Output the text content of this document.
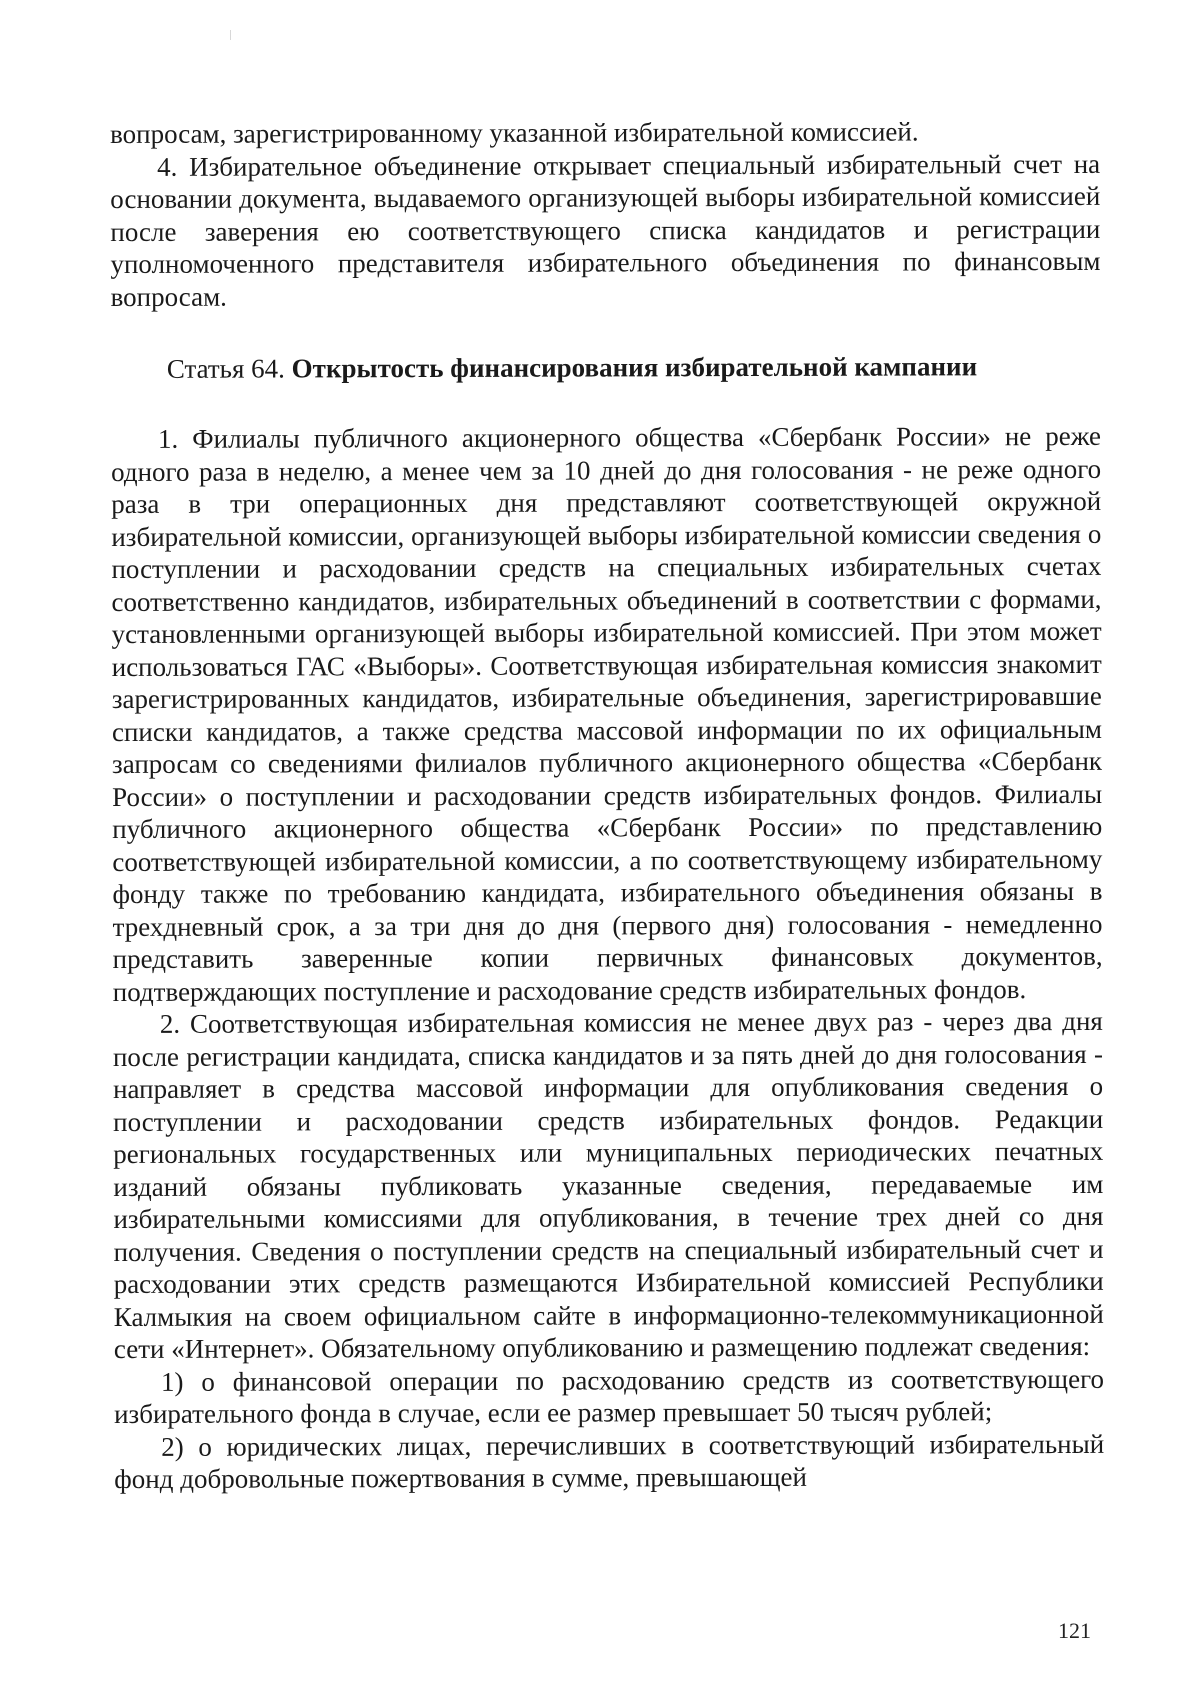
вопросам, зарегистрированному указанной избирательной комиссией.

4. Избирательное объединение открывает специальный избирательный счет на основании документа, выдаваемого организующей выборы избирательной комиссией после заверения ею соответствующего списка кандидатов и регистрации уполномоченного представителя избирательного объединения по финансовым вопросам.

Статья 64. Открытость финансирования избирательной кампании

1. Филиалы публичного акционерного общества «Сбербанк России» не реже одного раза в неделю, а менее чем за 10 дней до дня голосования - не реже одного раза в три операционных дня представляют соответствующей окружной избирательной комиссии, организующей выборы избирательной комиссии сведения о поступлении и расходовании средств на специальных избирательных счетах соответственно кандидатов, избирательных объединений в соответствии с формами, установленными организующей выборы избирательной комиссией. При этом может использоваться ГАС «Выборы». Соответствующая избирательная комиссия знакомит зарегистрированных кандидатов, избирательные объединения, зарегистрировавшие списки кандидатов, а также средства массовой информации по их официальным запросам со сведениями филиалов публичного акционерного общества «Сбербанк России» о поступлении и расходовании средств избирательных фондов. Филиалы публичного акционерного общества «Сбербанк России» по представлению соответствующей избирательной комиссии, а по соответствующему избирательному фонду также по требованию кандидата, избирательного объединения обязаны в трехдневный срок, а за три дня до дня (первого дня) голосования - немедленно представить заверенные копии первичных финансовых документов, подтверждающих поступление и расходование средств избирательных фондов.

2. Соответствующая избирательная комиссия не менее двух раз - через два дня после регистрации кандидата, списка кандидатов и за пять дней до дня голосования - направляет в средства массовой информации для опубликования сведения о поступлении и расходовании средств избирательных фондов. Редакции региональных государственных или муниципальных периодических печатных изданий обязаны публиковать указанные сведения, передаваемые им избирательными комиссиями для опубликования, в течение трех дней со дня получения. Сведения о поступлении средств на специальный избирательный счет и расходовании этих средств размещаются Избирательной комиссией Республики Калмыкия на своем официальном сайте в информационно-телекоммуникационной сети «Интернет». Обязательному опубликованию и размещению подлежат сведения:

1) о финансовой операции по расходованию средств из соответствующего избирательного фонда в случае, если ее размер превышает 50 тысяч рублей;

2) о юридических лицах, перечисливших в соответствующий избирательный фонд добровольные пожертвования в сумме, превышающей

121
